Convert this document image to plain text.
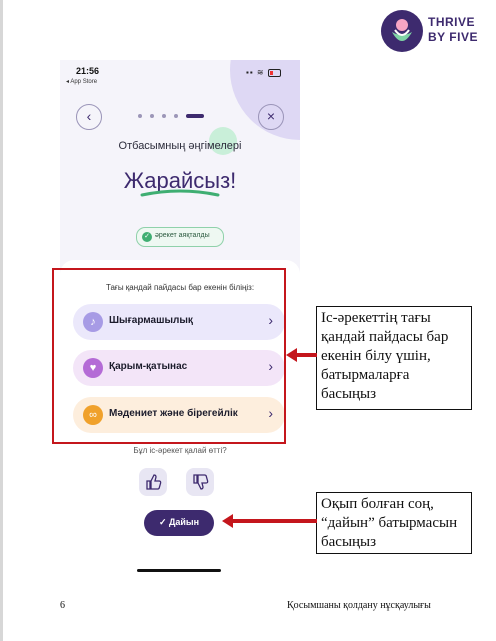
THRIVE
BY FIVE
21:56
◂ App Store
▪▪ ≋
‹	×
Отбасымның әңгімелері
Жарайсыз!
✓ әрекет аяқталды
Тағы қандай пайдасы бар екенін біліңіз:
♪	Шығармашылық	›
♥	Қарым-қатынас	›
∞	Мәдениет және бірегейлік ›
Бұл іс-әрекет қалай өтті?
✓ Дайын
Іс-әрекеттің тағы қандай пайдасы бар екенін білу үшін, батырмаларға басыңыз
Оқып болған соң, “дайын” батырмасын басыңыз
6	Қосымшаны қолдану нұсқаулығы
